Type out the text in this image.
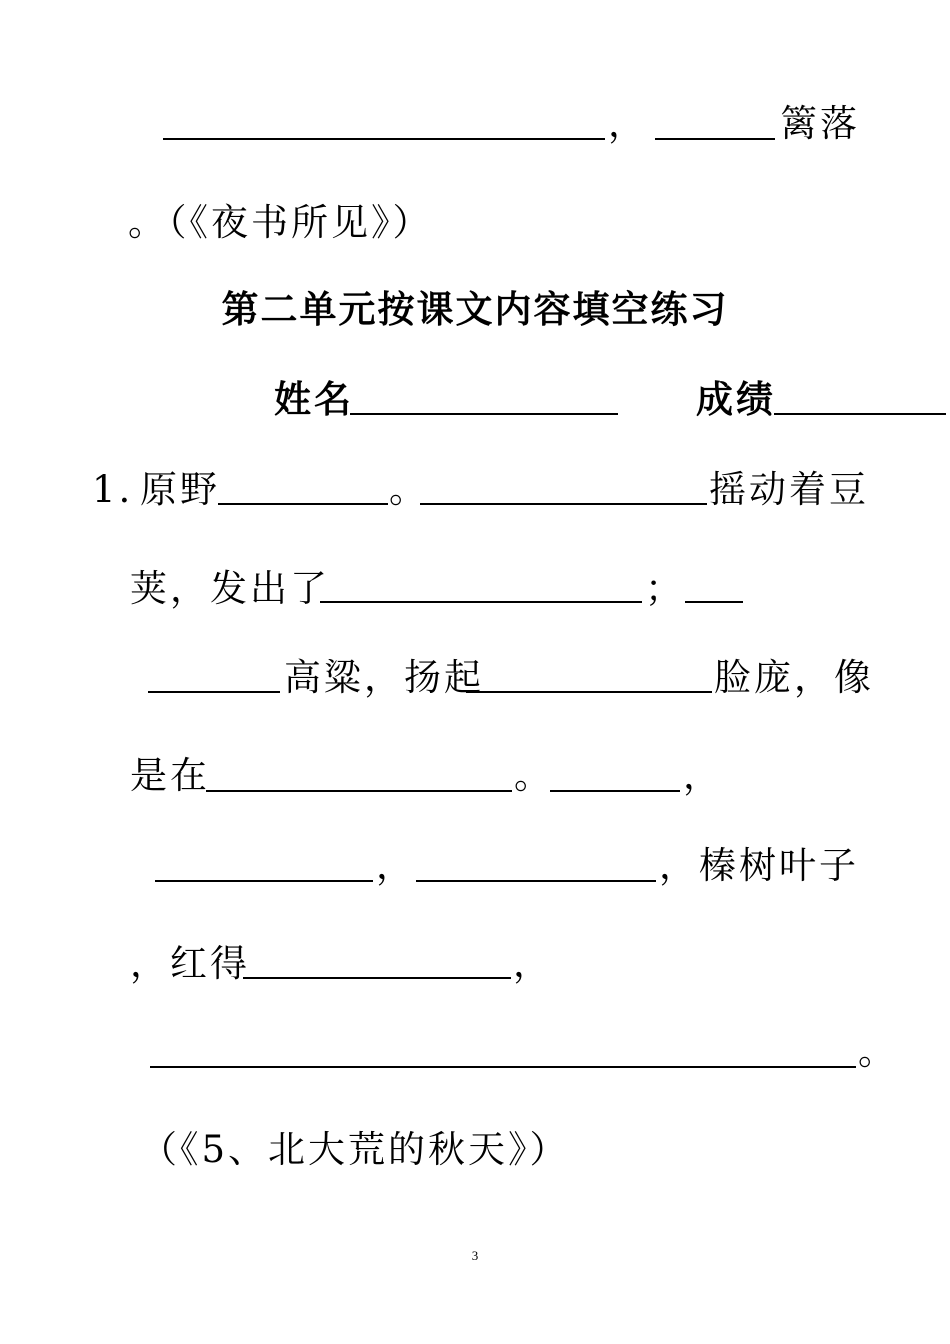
，	篱落
。（《夜书所见》）
第二单元按课文内容填空练习
姓名	成绩
1. 原野	。	摇动着豆
荚，发出了	；
高粱，扬起	脸庞，像
是在	。	，
，	，榛树叶子
，红得	，
。
（《5、北大荒的秋天》）
3
